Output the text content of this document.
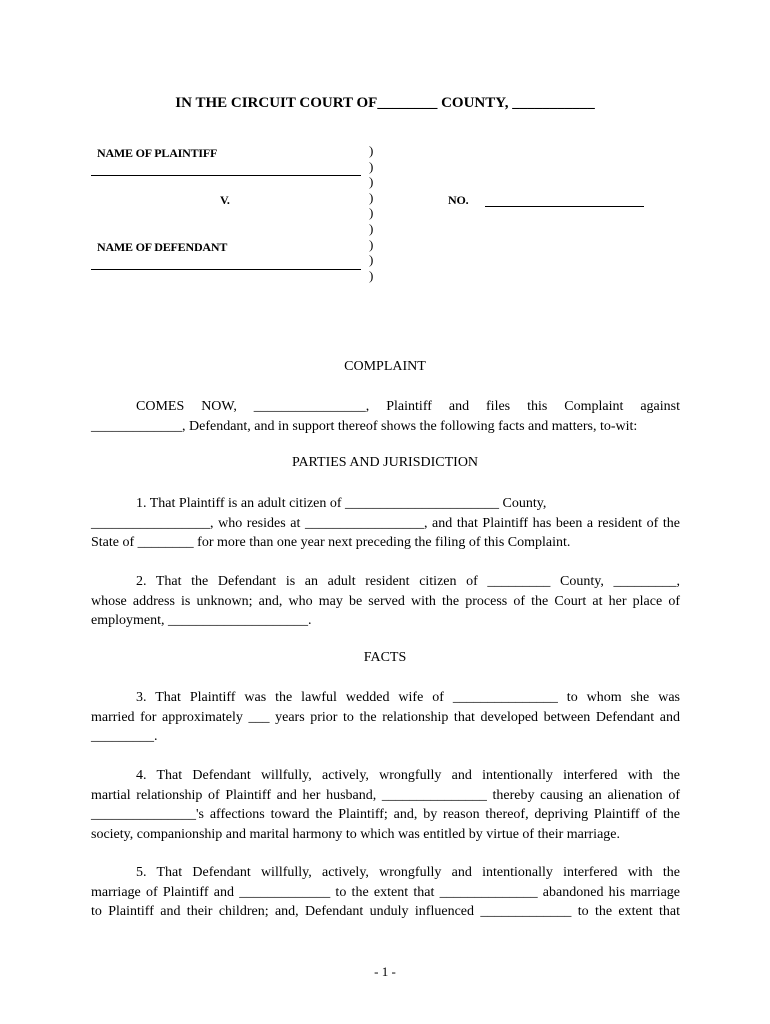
IN THE CIRCUIT COURT OF________ COUNTY, ___________
NAME OF PLAINTIFF
V.
NAME OF DEFENDANT
)
)
)
)
)
)
)
)
)
NO.
COMPLAINT
COMES NOW, ________________, Plaintiff and files this Complaint against
_____________, Defendant, and in support thereof shows the following facts and matters, to-wit:
PARTIES AND JURISDICTION
1. That Plaintiff is an adult citizen of ______________________ County,
_________________, who resides at _________________, and that Plaintiff has been a resident of the
State of ________ for more than one year next preceding the filing of this Complaint.
2. That the Defendant is an adult resident citizen of _________ County, _________,
whose address is unknown; and, who may be served with the process of the Court at her place of
employment, ____________________.
FACTS
3. That Plaintiff was the lawful wedded wife of _______________ to whom she was
married for approximately ___ years prior to the relationship that developed between Defendant and
_________.
4. That Defendant willfully, actively, wrongfully and intentionally interfered with the
martial relationship of Plaintiff and her husband, _______________ thereby causing an alienation of
_______________'s affections toward the Plaintiff; and, by reason thereof, depriving Plaintiff of the
society, companionship and marital harmony to which was entitled by virtue of their marriage.
5. That Defendant willfully, actively, wrongfully and intentionally interfered with the
marriage of Plaintiff and _____________ to the extent that ______________ abandoned his marriage
to Plaintiff and their children; and, Defendant unduly influenced _____________ to the extent that
- 1 -
